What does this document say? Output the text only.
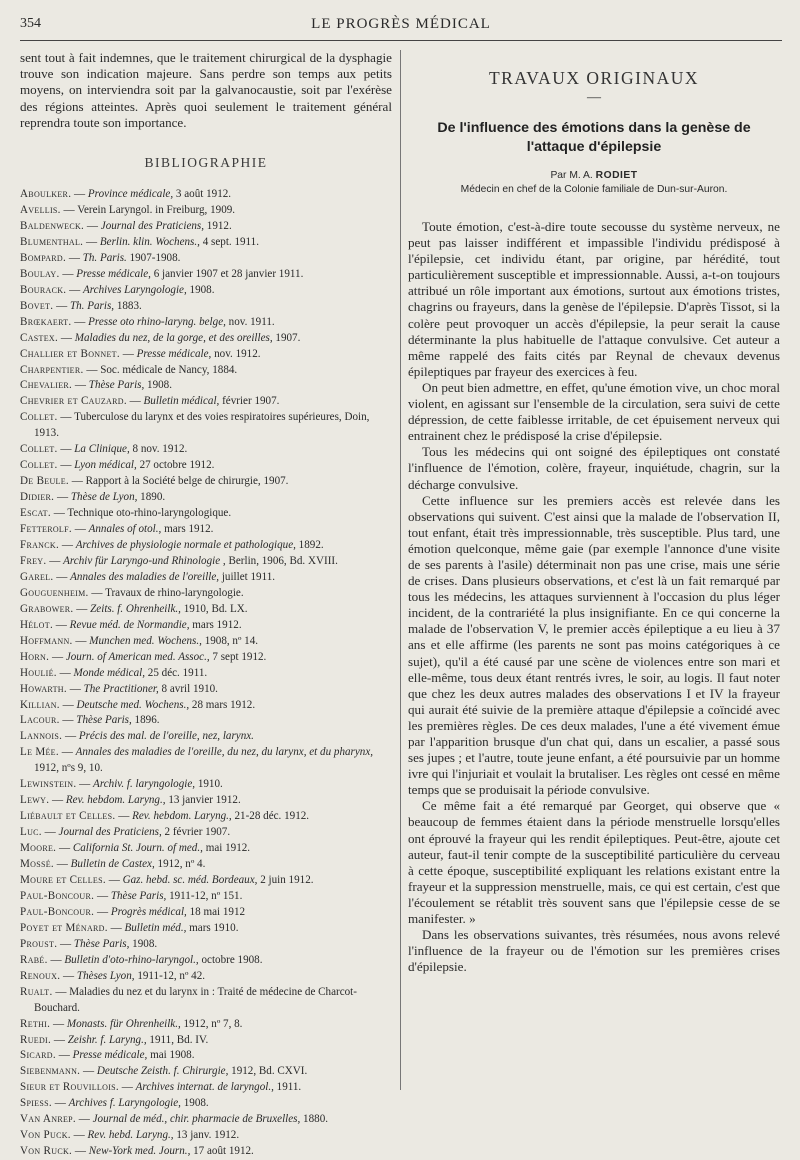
354	LE PROGRÈS MÉDICAL

sent tout à fait indemnes, que le traitement chirurgical de la dysphagie trouve son indication majeure. Sans perdre son temps aux petits moyens, on interviendra soit par la galvanocaustie, soit par l'exérèse des régions atteintes. Après quoi seulement le traitement général reprendra toute son importance.

BIBLIOGRAPHIE
Aboulker. — Province médicale, 3 août 1912.
Avellis. — Verein Laryngol. in Freiburg, 1909.
Baldenweck. — Journal des Praticiens, 1912.
Blumenthal. — Berlin. klin. Wochens., 4 sept. 1911.
Bompard. — Th. Paris. 1907-1908.
Boulay. — Presse médicale, 6 janvier 1907 et 28 janvier 1911.
Bourack. — Archives Laryngologie, 1908.
Bovet. — Th. Paris, 1883.
Brœkaert. — Presse oto rhino-laryng. belge, nov. 1911.
Castex. — Maladies du nez, de la gorge, et des oreilles, 1907.
Challier et Bonnet. — Presse médicale, nov. 1912.
Charpentier. — Soc. médicale de Nancy, 1884.
Chevalier. — Thèse Paris, 1908.
Chevrier et Cauzard. — Bulletin médical, février 1907.
Collet. — Tuberculose du larynx et des voies respiratoires supérieures, Doin, 1913.
Collet. — La Clinique, 8 nov. 1912.
Collet. — Lyon médical, 27 octobre 1912.
De Beule. — Rapport à la Société belge de chirurgie, 1907.
Didier. — Thèse de Lyon, 1890.
Escat. — Technique oto-rhino-laryngologique.
Fetterolf. — Annales of otol., mars 1912.
Franck. — Archives de physiologie normale et pathologique, 1892.
Frey. — Archiv für Laryngo-und Rhinologie , Berlin, 1906, Bd. XVIII.
Garel. — Annales des maladies de l'oreille, juillet 1911.
Gouguenheim. — Travaux de rhino-laryngologie.
Grabower. — Zeits. f. Ohrenheilk., 1910, Bd. LX.
Hélot. — Revue méd. de Normandie, mars 1912.
Hoffmann. — Munchen med. Wochens., 1908, nº 14.
Horn. — Journ. of American med. Assoc., 7 sept 1912.
Houlié. — Monde médical, 25 déc. 1911.
Howarth. — The Practitioner, 8 avril 1910.
Killian. — Deutsche med. Wochens., 28 mars 1912.
Lacour. — Thèse Paris, 1896.
Lannois. — Précis des mal. de l'oreille, nez, larynx.
Le Mée. — Annales des maladies de l'oreille, du nez, du larynx, et du pharynx, 1912, nºs 9, 10.
Lewinstein. — Archiv. f. laryngologie, 1910.
Lewy. — Rev. hebdom. Laryng., 13 janvier 1912.
Liébault et Celles. — Rev. hebdom. Laryng., 21-28 déc. 1912.
Luc. — Journal des Praticiens, 2 février 1907.
Moore. — California St. Journ. of med., mai 1912.
Mossé. — Bulletin de Castex, 1912, nº 4.
Moure et Celles. — Gaz. hebd. sc. méd. Bordeaux, 2 juin 1912.
Paul-Boncour. — Thèse Paris, 1911-12, nº 151.
Paul-Boncour. — Progrès médical, 18 mai 1912
Poyet et Ménard. — Bulletin méd., mars 1910.
Proust. — Thèse Paris, 1908.
Rabé. — Bulletin d'oto-rhino-laryngol., octobre 1908.
Renoux. — Thèses Lyon, 1911-12, nº 42.
Rualt. — Maladies du nez et du larynx in : Traité de médecine de Charcot-Bouchard.
Rethi. — Monasts. für Ohrenheilk., 1912, nº 7, 8.
Ruedi. — Zeishr. f. Laryng., 1911, Bd. IV.
Sicard. — Presse médicale, mai 1908.
Siebenmann. — Deutsche Zeisth. f. Chirurgie, 1912, Bd. CXVI.
Sieur et Rouvillois. — Archives internat. de laryngol., 1911.
Spiess. — Archives f. Laryngologie, 1908.
Van Anrep. — Journal de méd., chir. pharmacie de Bruxelles, 1880.
Von Puck. — Rev. hebd. Laryng., 13 janv. 1912.
Von Ruck. — New-York med. Journ., 17 août 1912.
TRAVAUX ORIGINAUX
—
De l'influence des émotions dans la genèse de l'attaque d'épilepsie
Par M. A. RODIET
Médecin en chef de la Colonie familiale de Dun-sur-Auron.

Toute émotion, c'est-à-dire toute secousse du système nerveux, ne peut pas laisser indifférent et impassible l'individu prédisposé à l'épilepsie, cet individu étant, par origine, par hérédité, tout particulièrement susceptible et impressionnable. Aussi, a-t-on toujours attribué un rôle important aux émotions, surtout aux émotions tristes, chagrins ou frayeurs, dans la genèse de l'épilepsie. D'après Tissot, si la colère peut provoquer un accès d'épilepsie, la peur serait la cause déterminante la plus habituelle de l'attaque convulsive. Cet auteur a même rappelé des faits cités par Reynal de chevaux devenus épileptiques par frayeur des exercices à feu.

On peut bien admettre, en effet, qu'une émotion vive, un choc moral violent, en agissant sur l'ensemble de la circulation, sera suivi de cette dépression, de cette faiblesse irritable, de cet épuisement nerveux qui entrainent chez le prédisposé la crise d'épilepsie.

Tous les médecins qui ont soigné des épileptiques ont constaté l'influence de l'émotion, colère, frayeur, inquiétude, chagrin, sur la décharge convulsive.

Cette influence sur les premiers accès est relevée dans les observations qui suivent. C'est ainsi que la malade de l'observation II, tout enfant, était très impressionnable, très susceptible. Plus tard, une émotion quelconque, même gaie (par exemple l'annonce d'une visite de ses parents à l'asile) déterminait non pas une crise, mais une série de crises. Dans plusieurs observations, et c'est là un fait remarqué par tous les médecins, les attaques surviennent à l'occasion du plus léger incident, de la contrariété la plus insignifiante. En ce qui concerne la malade de l'observation V, le premier accès épileptique a eu lieu à 37 ans et elle affirme (les parents ne sont pas moins catégoriques à ce sujet), qu'il a été causé par une scène de violences entre son mari et elle-même, tous deux étant rentrés ivres, le soir, au logis. Il faut noter que chez les deux autres malades des observations I et IV la frayeur qui aurait été suivie de la première attaque d'épilepsie a coïncidé avec les premières règles. De ces deux malades, l'une a été vivement émue par l'apparition brusque d'un chat qui, dans un escalier, a passé sous ses jupes ; et l'autre, toute jeune enfant, a été poursuivie par un homme ivre qui l'injuriait et voulait la brutaliser. Les règles ont cessé en même temps que se produisait la période convulsive.

Ce même fait a été remarqué par Georget, qui observe que « beaucoup de femmes étaient dans la période menstruelle lorsqu'elles ont éprouvé la frayeur qui les rendit épileptiques. Peut-être, ajoute cet auteur, faut-il tenir compte de la susceptibilité particulière du cerveau à cette époque, susceptibilité expliquant les relations existant entre la frayeur et la suppression menstruelle, mais, ce qui est certain, c'est que l'écoulement se rétablit très souvent sans que l'épilepsie cesse de se manifester. »

Dans les observations suivantes, très résumées, nous avons relevé l'influence de la frayeur ou de l'émotion sur les premières crises d'épilepsie.
